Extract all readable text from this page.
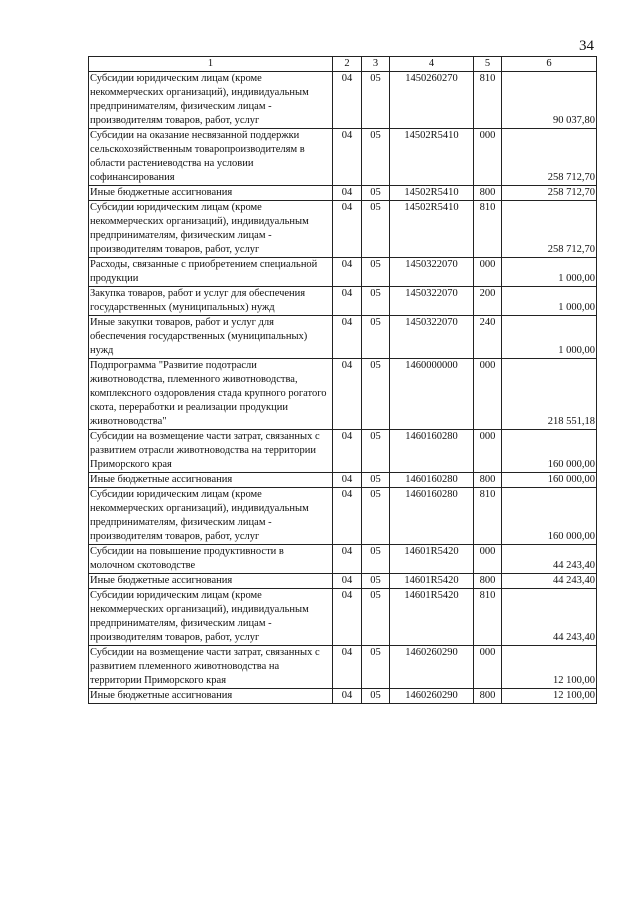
34
1	2	3	4	5	6
Субсидии юридическим лицам (кроме некоммерческих организаций), индивидуальным предпринимателям, физическим лицам - производителям товаров, работ, услуг	04	05	1450260270	810	90 037,80
Субсидии на оказание несвязанной поддержки сельскохозяйственным товаропроизводителям в области растениеводства на условии софинансирования	04	05	14502R5410	000	258 712,70
Иные бюджетные ассигнования	04	05	14502R5410	800	258 712,70
Субсидии юридическим лицам (кроме некоммерческих организаций), индивидуальным предпринимателям, физическим лицам - производителям товаров, работ, услуг	04	05	14502R5410	810	258 712,70
Расходы, связанные с приобретением специальной продукции	04	05	1450322070	000	1 000,00
Закупка товаров, работ и услуг для обеспечения государственных (муниципальных) нужд	04	05	1450322070	200	1 000,00
Иные закупки товаров, работ и услуг для обеспечения государственных (муниципальных) нужд	04	05	1450322070	240	1 000,00
Подпрограмма "Развитие подотрасли животноводства, племенного животноводства, комплексного оздоровления стада крупного рогатого скота, переработки и реализации продукции животноводства"	04	05	1460000000	000	218 551,18
Субсидии на возмещение части затрат, связанных с развитием отрасли животноводства на территории Приморского края	04	05	1460160280	000	160 000,00
Иные бюджетные ассигнования	04	05	1460160280	800	160 000,00
Субсидии юридическим лицам (кроме некоммерческих организаций), индивидуальным предпринимателям, физическим лицам - производителям товаров, работ, услуг	04	05	1460160280	810	160 000,00
Субсидии на повышение продуктивности в молочном скотоводстве	04	05	14601R5420	000	44 243,40
Иные бюджетные ассигнования	04	05	14601R5420	800	44 243,40
Субсидии юридическим лицам (кроме некоммерческих организаций), индивидуальным предпринимателям, физическим лицам - производителям товаров, работ, услуг	04	05	14601R5420	810	44 243,40
Субсидии на возмещение части затрат, связанных с развитием племенного животноводства на территории Приморского края	04	05	1460260290	000	12 100,00
Иные бюджетные ассигнования	04	05	1460260290	800	12 100,00
